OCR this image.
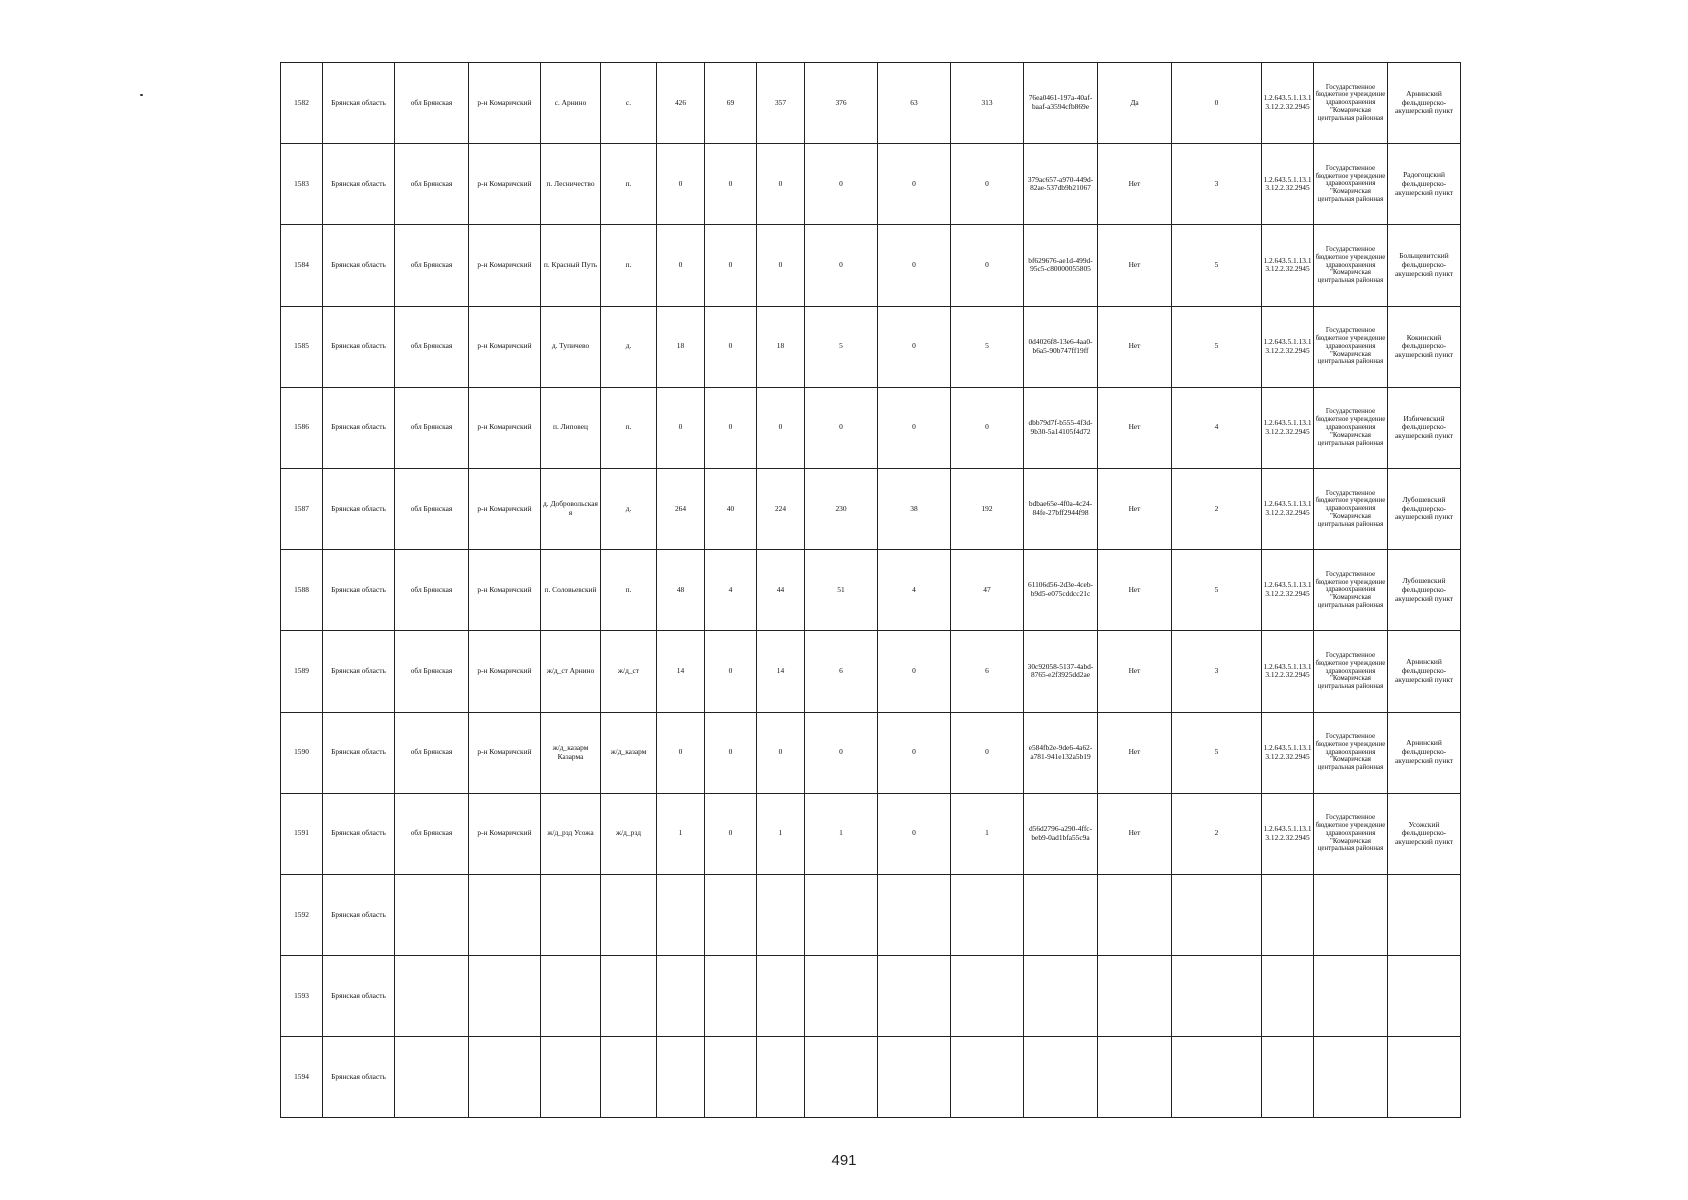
1582	Брянская область	обл Брянская	р-н Комаричский	с. Арнино	с.	426	69	357	376	63	313	76ea0461-197a-40af-baaf-a3594cfb869e	Да	0	1.2.643.5.1.13.13.12.2.32.2945	Государственное бюджетное учреждение здравоохранения "Комаричская центральная районная	Арнинский фельдшерско-акушерский пункт
1583	Брянская область	обл Брянская	р-н Комаричский	п. Лесничество	п.	0	0	0	0	0	0	379ac657-a970-449d-82ae-537db9b21067	Нет	3	1.2.643.5.1.13.13.12.2.32.2945	Государственное бюджетное учреждение здравоохранения "Комаричская центральная районная	Радогощский фельдшерско-акушерский пункт
1584	Брянская область	обл Брянская	р-н Комаричский	п. Красный Путь	п.	0	0	0	0	0	0	bf629676-ae1d-499d-95c5-c80000055805	Нет	5	1.2.643.5.1.13.13.12.2.32.2945	Государственное бюджетное учреждение здравоохранения "Комаричская центральная районная	Больщевитский фельдшерско-акушерский пункт
1585	Брянская область	обл Брянская	р-н Комаричский	д. Тупичево	д.	18	0	18	5	0	5	0d4026f8-13e6-4aa0-b6a5-90b747ff19ff	Нет	5	1.2.643.5.1.13.13.12.2.32.2945	Государственное бюджетное учреждение здравоохранения "Комаричская центральная районная	Кокинский фельдшерско-акушерский пункт
1586	Брянская область	обл Брянская	р-н Комаричский	п. Липовец	п.	0	0	0	0	0	0	dbb79d7f-b555-4f3d-9b30-5a14105f4d72	Нет	4	1.2.643.5.1.13.13.12.2.32.2945	Государственное бюджетное учреждение здравоохранения "Комаричская центральная районная	Избичевский фельдшерско-акушерский пункт
1587	Брянская область	обл Брянская	р-н Комаричский	д. Добровольская я	д.	264	40	224	230	38	192	bdbae65e-4f0a-4c24-84fe-27bff2944f98	Нет	2	1.2.643.5.1.13.13.12.2.32.2945	Государственное бюджетное учреждение здравоохранения "Комаричская центральная районная	Лубошевский фельдшерско-акушерский пункт
1588	Брянская область	обл Брянская	р-н Комаричский	п. Соловьевский	п.	48	4	44	51	4	47	61106d56-2d3e-4ceb-b9d5-e075cddcc21c	Нет	5	1.2.643.5.1.13.13.12.2.32.2945	Государственное бюджетное учреждение здравоохранения "Комаричская центральная районная	Лубошевский фельдшерско-акушерский пункт
1589	Брянская область	обл Брянская	р-н Комаричский	ж/д_ст Арнино	ж/д_ст	14	0	14	6	0	6	30c92058-5137-4abd-8765-e2f3925dd2ae	Нет	3	1.2.643.5.1.13.13.12.2.32.2945	Государственное бюджетное учреждение здравоохранения "Комаричская центральная районная	Арнинский фельдшерско-акушерский пункт
1590	Брянская область	обл Брянская	р-н Комаричский	ж/д_казарм Казарма	ж/д_казарм	0	0	0	0	0	0	e584fb2e-9de6-4a62-a781-941e132a5b19	Нет	5	1.2.643.5.1.13.13.12.2.32.2945	Государственное бюджетное учреждение здравоохранения "Комаричская центральная районная	Арнинский фельдшерско-акушерский пункт
1591	Брянская область	обл Брянская	р-н Комаричский	ж/д_рзд Усожа	ж/д_рзд	1	0	1	1	0	1	d56d2796-a290-4ffc-beb9-0ad1bfa55c9a	Нет	2	1.2.643.5.1.13.13.12.2.32.2945	Государственное бюджетное учреждение здравоохранения "Комаричская центральная районная	Усожский фельдшерско-акушерский пункт
1592	Брянская область																
1593	Брянская область																
1594	Брянская область																
491
